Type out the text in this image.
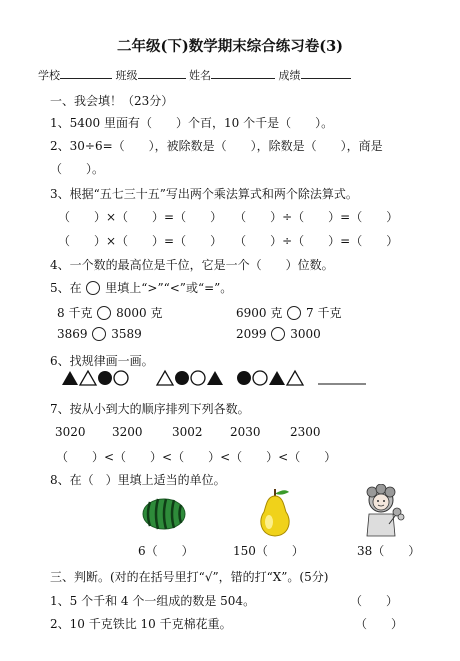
二年级(下)数学期末综合练习卷(3)
学校	班级	姓名	成绩
一、我会填！（23分）
1、5400 里面有（　　）个百，10 个千是（　　）。
2、30÷6=（　　），被除数是（　　），除数是（　　），商是
（　　）。
3、根据“五七三十五”写出两个乘法算式和两个除法算式。
（　　）×（　　）=（　　）　　（　　）÷（　　）=（　　）
（　　）×（　　）=（　　）　　（　　）÷（　　）=（　　）
4、一个数的最高位是千位，它是一个（　　）位数。
5、在 里填上“>”“<”或“=”。
8 千克 8000 克	6900 克 7 千克
3869 3589	2099 3000
6、找规律画一画。
7、按从小到大的顺序排列下列各数。
3020 3200 3002 2030 2300
（　　）<（　　）<（　　）<（　　）<（　　）
8、在（　）里填上适当的单位。
6（　　）	150（　　）	38（　　）
三、判断。(对的在括号里打“√”，错的打“X”。(5分)
1、5 个千和 4 个一组成的数是 504。	（　　）
2、10 千克铁比 10 千克棉花重。	（　　）
